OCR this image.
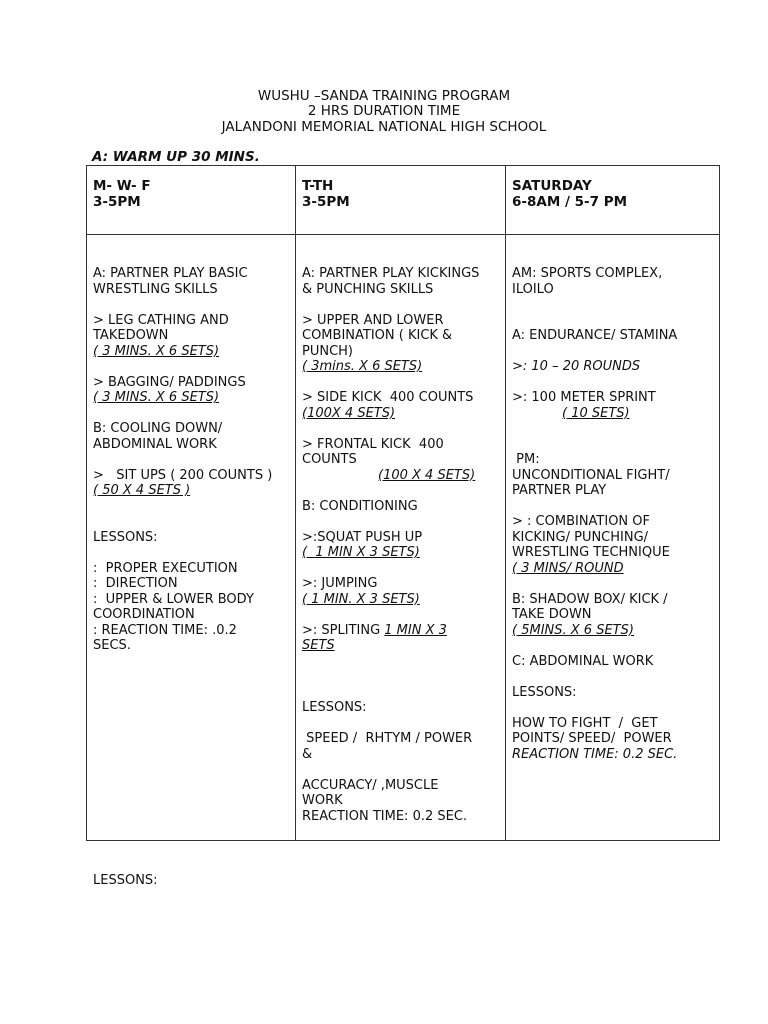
WUSHU –SANDA TRAINING PROGRAM
2 HRS DURATION TIME
JALANDONI MEMORIAL NATIONAL HIGH SCHOOL
A: WARM UP 30 MINS.
M- W- F
3-5PM
T-TH
3-5PM
SATURDAY
6-8AM / 5-7 PM
A: PARTNER PLAY BASIC
WRESTLING SKILLS
> LEG CATHING AND
TAKEDOWN
( 3 MINS. X 6 SETS)
> BAGGING/ PADDINGS
( 3 MINS. X 6 SETS)
B: COOLING DOWN/
ABDOMINAL WORK
>   SIT UPS ( 200 COUNTS )
( 50 X 4 SETS )
LESSONS:
:  PROPER EXECUTION
:  DIRECTION
:  UPPER & LOWER BODY
COORDINATION
: REACTION TIME: .0.2
SECS.
A: PARTNER PLAY KICKINGS
& PUNCHING SKILLS
> UPPER AND LOWER
COMBINATION ( KICK &
PUNCH)
( 3mins. X 6 SETS)
> SIDE KICK  400 COUNTS
(100X 4 SETS)
> FRONTAL KICK  400
COUNTS
(100 X 4 SETS)
B: CONDITIONING
>:SQUAT PUSH UP
(  1 MIN X 3 SETS)
>: JUMPING
( 1 MIN. X 3 SETS)
>: SPLITING 1 MIN X 3
SETS
LESSONS:
SPEED /  RHTYM / POWER
&
ACCURACY/ ,MUSCLE
WORK
REACTION TIME: 0.2 SEC.
AM: SPORTS COMPLEX,
ILOILO
A: ENDURANCE/ STAMINA
>: 10 – 20 ROUNDS
>: 100 METER SPRINT
( 10 SETS)
PM:
UNCONDITIONAL FIGHT/
PARTNER PLAY
> : COMBINATION OF
KICKING/ PUNCHING/
WRESTLING TECHNIQUE
( 3 MINS/ ROUND
B: SHADOW BOX/ KICK /
TAKE DOWN
( 5MINS. X 6 SETS)
C: ABDOMINAL WORK
LESSONS:
HOW TO FIGHT  /  GET
POINTS/ SPEED/  POWER
REACTION TIME: 0.2 SEC.
LESSONS:
